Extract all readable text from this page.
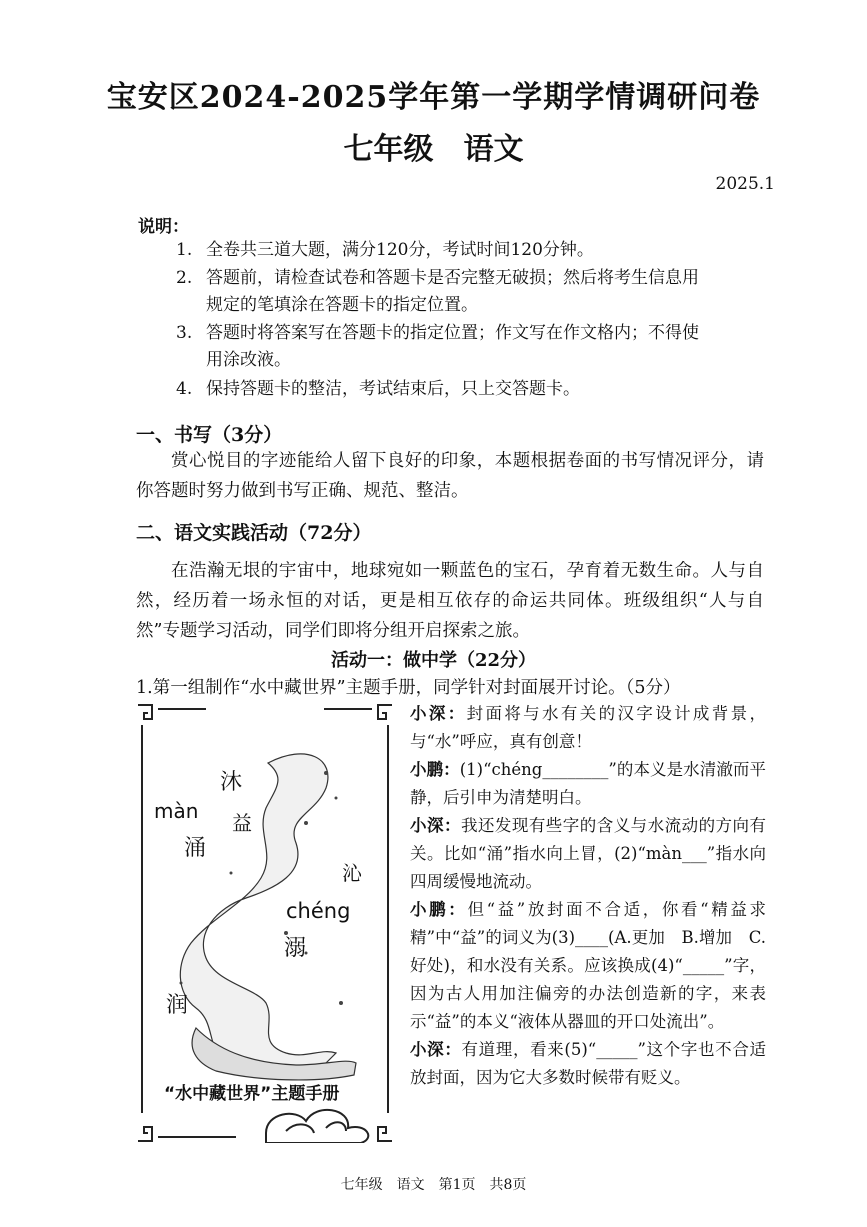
宝安区2024-2025学年第一学期学情调研问卷
七年级　语文
2025.1
说明：
1. 全卷共三道大题，满分120分，考试时间120分钟。
2. 答题前，请检查试卷和答题卡是否完整无破损；然后将考生信息用
规定的笔填涂在答题卡的指定位置。
3. 答题时将答案写在答题卡的指定位置；作文写在作文格内；不得使
用涂改液。
4. 保持答题卡的整洁，考试结束后，只上交答题卡。
一、书写（3分）

赏心悦目的字迹能给人留下良好的印象，本题根据卷面的书写情况评分，请你答题时努力做到书写正确、规范、整洁。

二、语文实践活动（72分）

在浩瀚无垠的宇宙中，地球宛如一颗蓝色的宝石，孕育着无数生命。人与自然，经历着一场永恒的对话，更是相互依存的命运共同体。班级组织“人与自然”专题学习活动，同学们即将分组开启探索之旅。

活动一：做中学（22分）
1.第一组制作“水中藏世界”主题手册，同学针对封面展开讨论。（5分）
沐
益
màn
涌
沁
chéng
溺
润
“水中藏世界”主题手册

小深：封面将与水有关的汉字设计成背景，与“水”呼应，真有创意！

小鹏：(1)“chéng________”的本义是水清澈而平静，后引申为清楚明白。

小深：我还发现有些字的含义与水流动的方向有关。比如“涌”指水向上冒，(2)“màn___”指水向四周缓慢地流动。

小鹏：但“益”放封面不合适，你看“精益求精”中“益”的词义为(3)____(A.更加　B.增加　C.好处)，和水没有关系。应该换成(4)“_____”字，因为古人用加注偏旁的办法创造新的字，来表示“益”的本义“液体从器皿的开口处流出”。

小深：有道理，看来(5)“_____”这个字也不合适放封面，因为它大多数时候带有贬义。

七年级　语文　第1页　共8页
